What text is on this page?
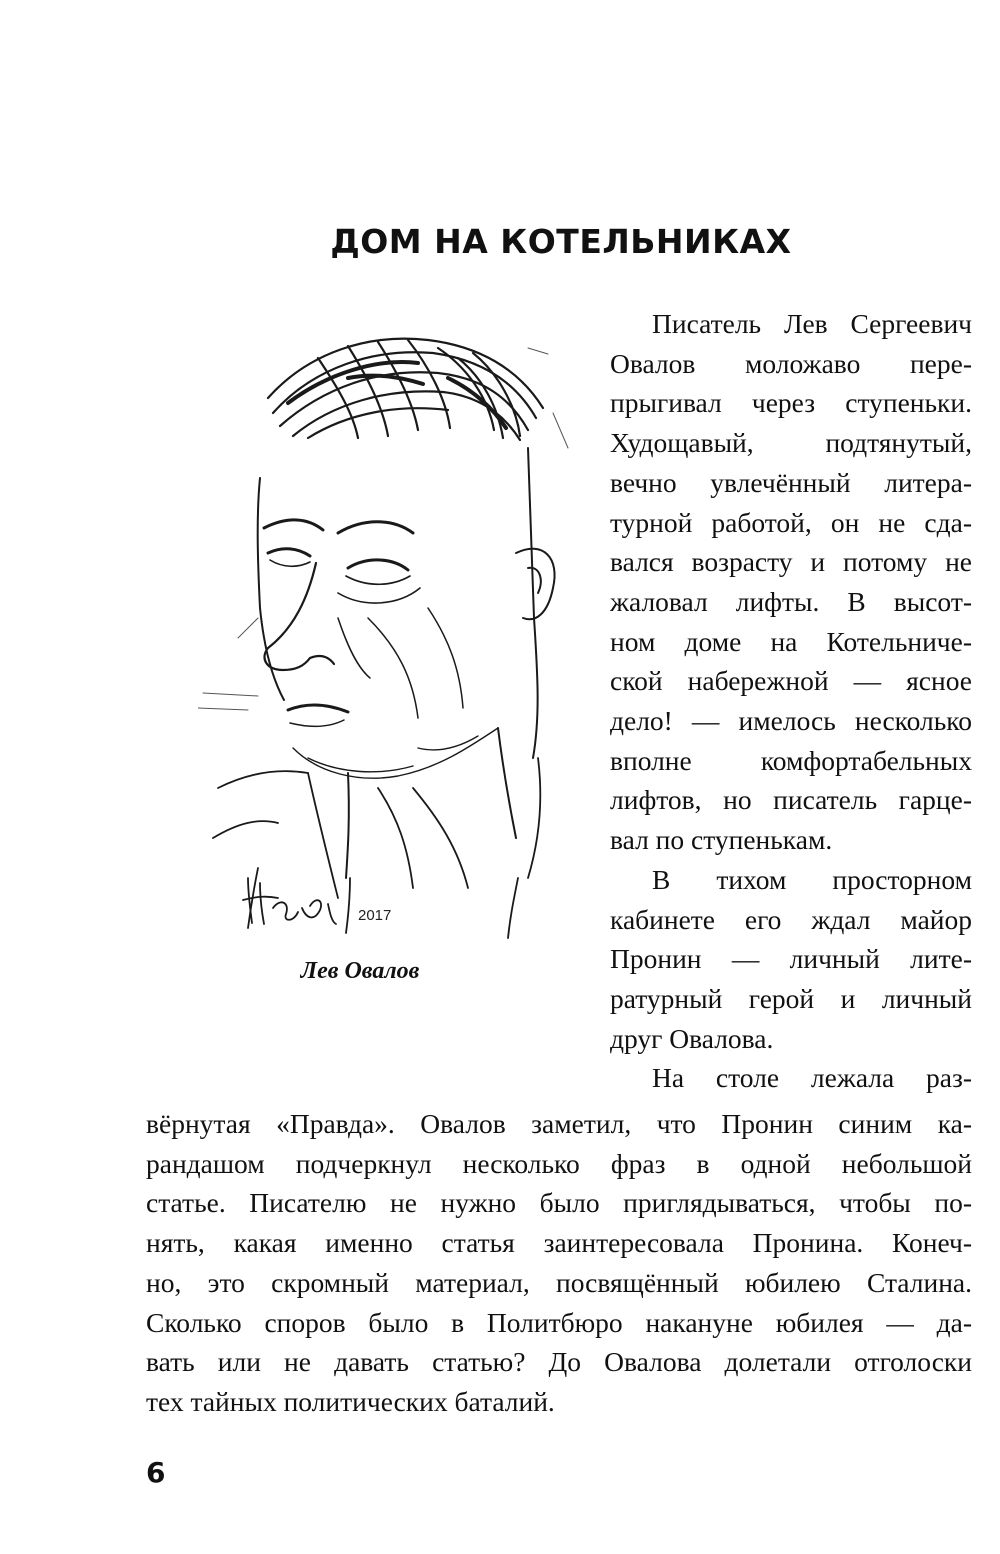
ДОМ НА КОТЕЛЬНИКАХ
2017
Лев Овалов
Писатель Лев Сергеевич
Овалов моложаво пере-
прыгивал через ступеньки.
Худощавый, подтянутый,
вечно увлечённый литера-
турной работой, он не сда-
вался возрасту и потому не
жаловал лифты. В высот-
ном доме на Котельниче-
ской набережной — ясное
дело! — имелось несколько
вполне комфортабельных
лифтов, но писатель гарце-
вал по ступенькам.
В тихом просторном
кабинете его ждал майор
Пронин — личный лите-
ратурный герой и личный
друг Овалова.
На столе лежала раз-
вёрнутая «Правда». Овалов заметил, что Пронин синим ка-
рандашом подчеркнул несколько фраз в одной небольшой
статье. Писателю не нужно было приглядываться, чтобы по-
нять, какая именно статья заинтересовала Пронина. Конеч-
но, это скромный материал, посвящённый юбилею Сталина.
Сколько споров было в Политбюро накануне юбилея — да-
вать или не давать статью? До Овалова долетали отголоски
тех тайных политических баталий.
6
